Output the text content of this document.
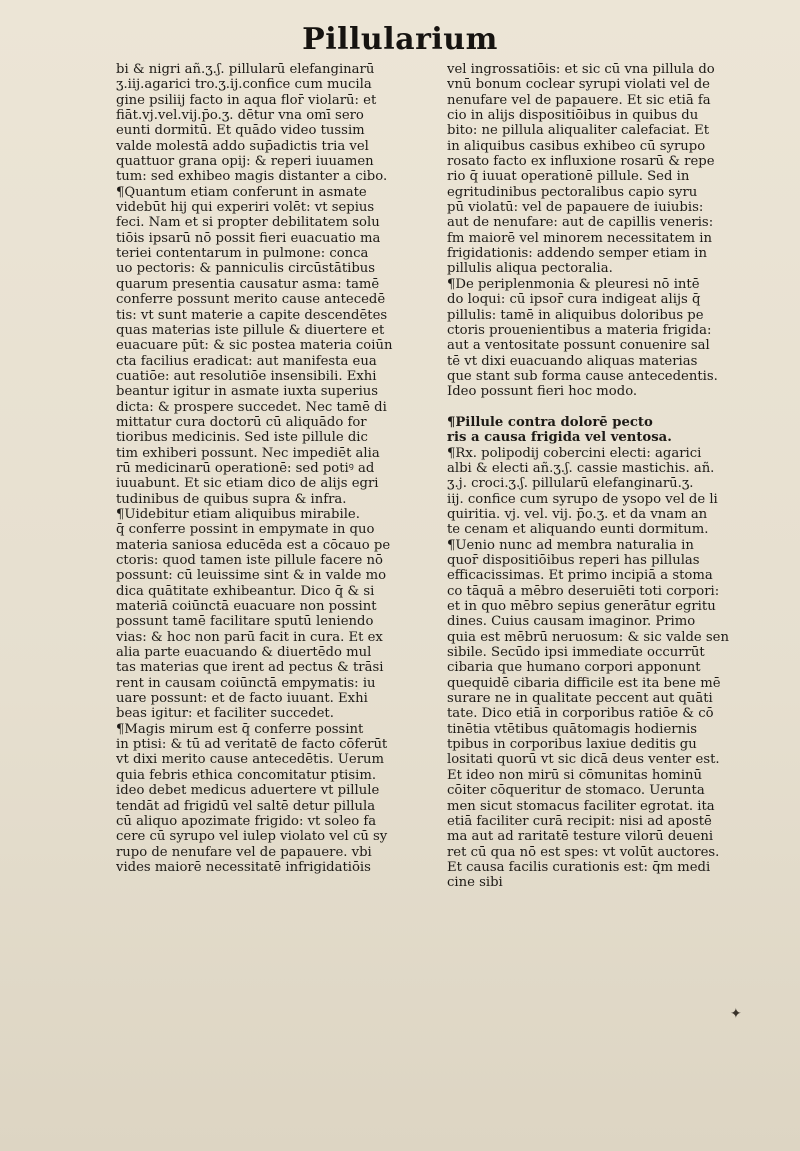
Pillularium
bi & nigri añ.ʒ.ʃ. pillularū elefanginarū
ʒ.iij.agarici tro.ʒ.ij.confice cum mucila
gine psiliij facto in aqua flor̄ violarū: et
fiāt.vj.vel.vij.p̄o.ʒ. dētur vna omī sero
eunti dormitū. Et quādo video tussim
valde molestā addo sup̄adictis tria vel
quattuor grana opij: & reperi iuuamen
tum: sed exhibeo magis distanter a cibo.
¶Quantum etiam conferunt in asmate
videbūt hij qui experiri volēt: vt sepius
feci. Nam et si propter debilitatem solu
tiōis ipsarū nō possit fieri euacuatio ma
teriei contentarum in pulmone: conca
uo pectoris: & panniculis circūstātibus
quarum presentia causatur asma: tamē
conferre possunt merito cause antecedē
tis: vt sunt materie a capite descendētes
quas materias iste pillule & diuertere et
euacuare pūt: & sic postea materia coiūn
cta facilius eradicat: aut manifesta eua
cuatiōe: aut resolutiōe insensibili. Exhi
beantur igitur in asmate iuxta superius
dicta: & prospere succedet. Nec tamē di
mittatur cura doctorū cū aliquādo for
tioribus medicinis. Sed iste pillule dic
tim exhiberi possunt. Nec impediēt alia
rū medicinarū operationē: sed potiꝰ ad
iuuabunt. Et sic etiam dico de alijs egri
tudinibus de quibus supra & infra.
¶Uidebitur etiam aliquibus mirabile.
q̄ conferre possint in empymate in quo
materia saniosa educēda est a cōcauo pe
ctoris: quod tamen iste pillule facere nō
possunt: cū leuissime sint & in valde mo
dica quātitate exhibeantur. Dico q̄ & si
materiā coiūnctā euacuare non possint
possunt tamē facilitare sputū leniendo
vias: & hoc non parū facit in cura. Et ex
alia parte euacuando & diuertēdo mul
tas materias que irent ad pectus & trāsi
rent in causam coiūnctā empymatis: iu
uare possunt: et de facto iuuant. Exhi
beas igitur: et faciliter succedet.
¶Magis mirum est q̄ conferre possint
in ptisi: & tū ad veritatē de facto cōferūt
vt dixi merito cause antecedētis. Uerum
quia febris ethica concomitatur ptisim.
ideo debet medicus aduertere vt pillule
tendāt ad frigidū vel saltē detur pillula
cū aliquo apozimate frigido: vt soleo fa
cere cū syrupo vel iulep violato vel cū sy
rupo de nenufare vel de papauere. vbi
vides maiorē necessitatē infrigidatiōis
vel ingrossatiōis: et sic cū vna pillula do
vnū bonum coclear syrupi violati vel de
nenufare vel de papauere. Et sic etiā fa
cio in alijs dispositiōibus in quibus du
bito: ne pillula aliqualiter calefaciat. Et
in aliquibus casibus exhibeo cū syrupo
rosato facto ex influxione rosarū & repe
rio q̄ iuuat operationē pillule. Sed in
egritudinibus pectoralibus capio syru
pū violatū: vel de papauere de iuiubis:
aut de nenufare: aut de capillis veneris:
fm maiorē vel minorem necessitatem in
frigidationis: addendo semper etiam in
pillulis aliqua pectoralia.
¶De periplenmonia & pleuresi nō intē
do loqui: cū ipsor̄ cura indigeat alijs q̄
pillulis: tamē in aliquibus doloribus pe
ctoris prouenientibus a materia frigida:
aut a ventositate possunt conuenire sal
tē vt dixi euacuando aliquas materias
que stant sub forma cause antecedentis.
Ideo possunt fieri hoc modo.

¶Pillule contra dolorē pecto
ris a causa frigida vel ventosa.
¶Rx. polipodij cobercini electi: agarici
albi & electi añ.ʒ.ʃ. cassie mastichis. añ.
ʒ.j. croci.ʒ.ʃ. pillularū elefanginarū.ʒ.
iij. confice cum syrupo de ysopo vel de li
quiritia. vj. vel. vij. p̄o.ʒ. et da vnam an
te cenam et aliquando eunti dormitum.
¶Uenio nunc ad membra naturalia in
quor̄ dispositiōibus reperi has pillulas
efficacissimas. Et primo incipiā a stoma
co tāquā a mēbro deseruiēti toti corpori:
et in quo mēbro sepius generātur egritu
dines. Cuius causam imaginor. Primo
quia est mēbrū neruosum: & sic valde sen
sibile. Secūdo ipsi immediate occurrūt
cibaria que humano corpori apponunt
quequidē cibaria difficile est ita bene mē
surare ne in qualitate peccent aut quāti
tate. Dico etiā in corporibus ratiōe & cō
tinētia vtētibus quātomagis hodiernis
tpibus in corporibus laxiue deditis gu
lositati quorū vt sic dicā deus venter est.
Et ideo non mirū si cōmunitas hominū
cōiter cōqueritur de stomaco. Uerunta
men sicut stomacus faciliter egrotat. ita
etiā faciliter curā recipit: nisi ad apostē
ma aut ad raritatē testure vilorū deueni
ret cū qua nō est spes: vt volūt auctores.
Et causa facilis curationis est: q̄m medi
cine sibi
✦
